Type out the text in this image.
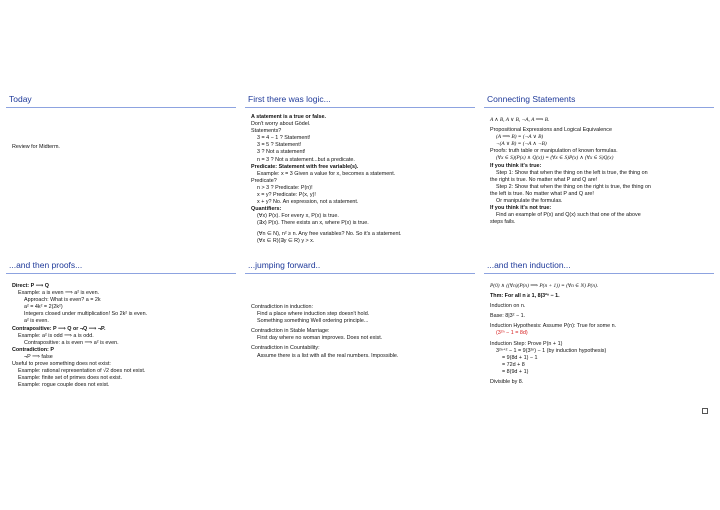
Today
Review for Midterm.
First there was logic...
A statement is a true or false.
Don't worry about Gödel.
Statements?
3 = 4 − 1 ? Statement!
3 = 5 ? Statement!
3 ? Not a statement!
n = 3 ? Not a statement...but a predicate.
Predicate: Statement with free variable(s).
Example: x = 3 Given a value for x, becomes a statement.
Predicate?
n > 3 ? Predicate: P(n)!
x = y? Predicate: P(x, y)!
x + y? No. An expression, not a statement.
Quantifiers:
(∀x) P(x). For every x, P(x) is true.
(∃x) P(x). There exists an x, where P(x) is true.
(∀n ∈ N), n² ≥ n. Any free variables? No. So it's a statement.
(∀x ∈ R)(∃y ∈ R) y > x.
Connecting Statements
A ∧ B, A ∨ B, ¬A, A ⟹ B.
Propositional Expressions and Logical Equivalence
(A ⟹ B) ≡ (¬A ∨ B)
¬(A ∨ B) ≡ (¬A ∧ ¬B)
Proofs: truth table or manipulation of known formulas.
(∀x ∈ S)(P(x) ∧ Q(x)) ≡ (∀x ∈ S)P(x) ∧ (∀x ∈ S)Q(x)
If you think it's true:
Step 1: Show that when the thing on the left is true, the thing on
the right is true. No matter what P and Q are!
Step 2: Show that when the thing on the right is true, the thing on
the left is true. No matter what P and Q are!
Or manipulate the formulas.
If you think it's not true:
Find an example of P(x) and Q(x) such that one of the above
steps fails.
...and then proofs...
Direct: P ⟹ Q
Example: a is even ⟹ a² is even.
Approach: What is even? a = 2k
a² = 4k² = 2(2k²)
Integers closed under multiplication! So 2k² is even.
a² is even.
Contrapositive: P ⟹ Q or ¬Q ⟹ ¬P.
Example: a² is odd ⟹ a is odd.
Contrapositive: a is even ⟹ a² is even.
Contradiction: P
¬P ⟹ false
Useful to prove something does not exist:
Example: rational representation of √2 does not exist.
Example: finite set of primes does not exist.
Example: rogue couple does not exist.
...jumping forward..
Contradiction in induction:
Find a place where induction step doesn't hold.
Something something Well ordering principle...
Contradiction in Stable Marriage:
First day where no woman improves. Does not exist.
Contradiction in Countability:
Assume there is a list with all the real numbers. Impossible.
...and then induction...
P(0) ∧ ((∀n)(P(n) ⟹ P(n + 1)) ≡ (∀n ∈ N) P(n).
Thm: For all n ≥ 1, 8|3²ⁿ − 1.
Induction on n.
Base: 8|3² − 1.
Induction Hypothesis: Assume P(n): True for some n.
(3²ⁿ − 1 = 8d)
Induction Step: Prove P(n + 1)
3²ⁿ⁺² − 1 = 9(3²ⁿ) − 1 (by induction hypothesis)
= 9(8d + 1) − 1
= 72d + 8
= 8(9d + 1)
Divisible by 8.
